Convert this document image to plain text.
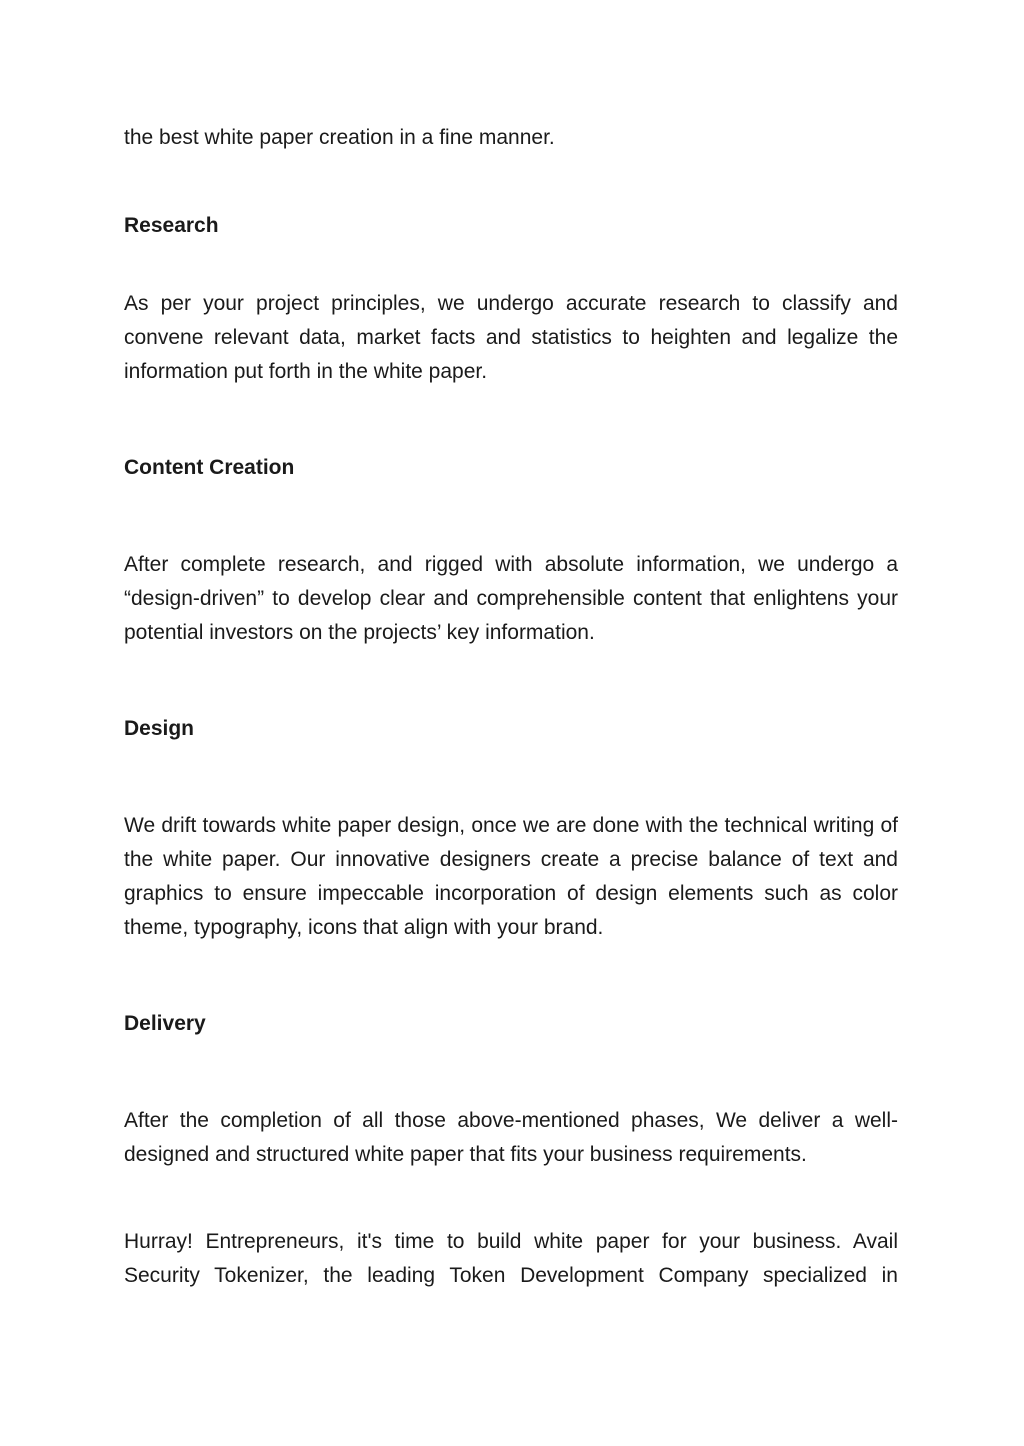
the best white paper creation in a fine manner.

Research

As per your project principles, we undergo accurate research to classify and convene relevant data, market facts and statistics to heighten and legalize the information put forth in the white paper.

Content Creation

After complete research, and rigged with absolute information, we undergo a “design-driven” to develop clear and comprehensible content that enlightens your potential investors on the projects’ key information.

Design

We drift towards white paper design, once we are done with the technical writing of the white paper. Our innovative designers create a precise balance of text and graphics to ensure impeccable incorporation of design elements such as color theme, typography, icons that align with your brand.

Delivery

After the completion of all those above-mentioned phases, We deliver a well-designed and structured white paper that fits your business requirements.

Hurray! Entrepreneurs, it's time to build white paper for your business. Avail Security Tokenizer, the leading Token Development Company specialized in
